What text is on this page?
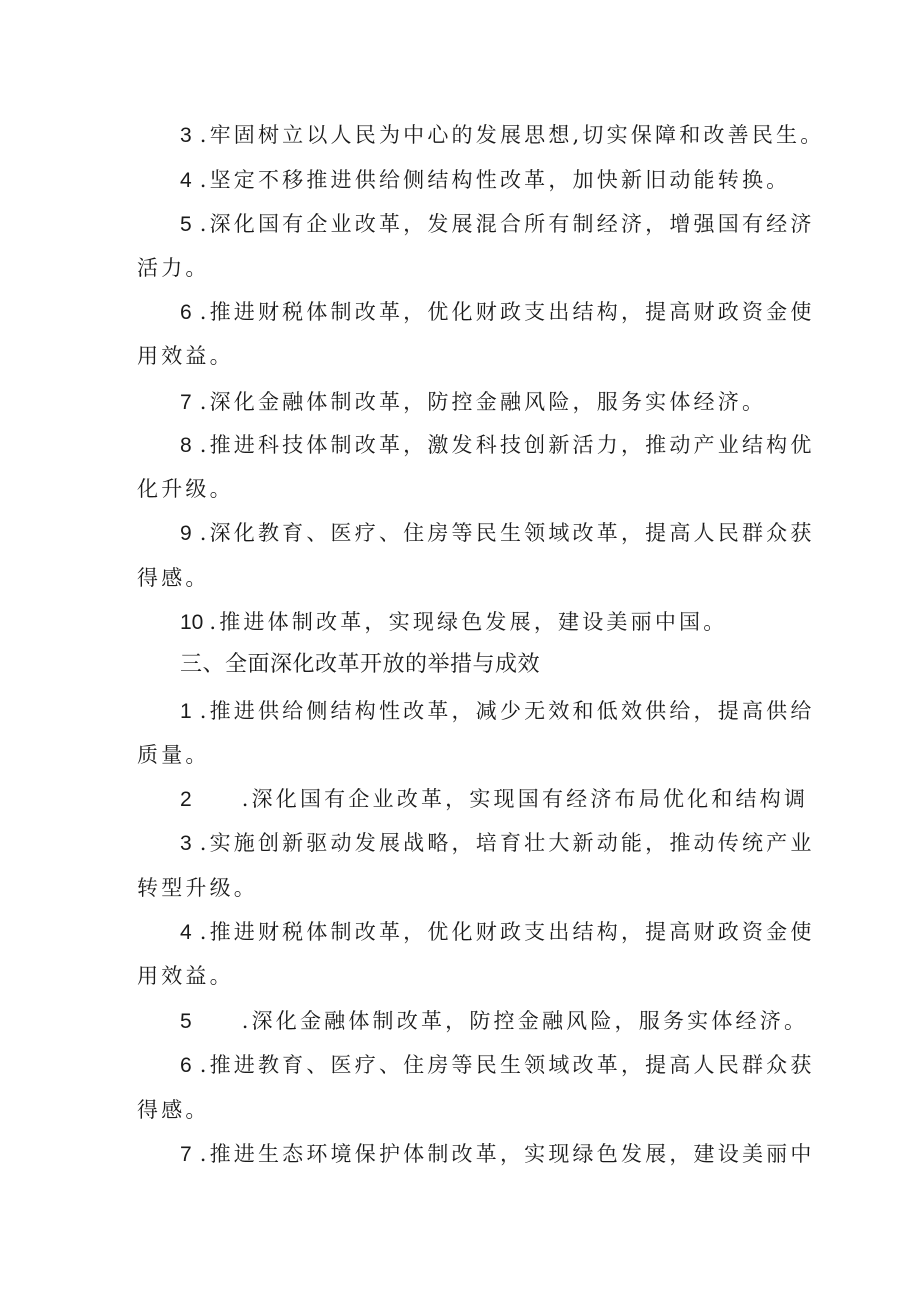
3 .牢固树立以人民为中心的发展思想,切实保障和改善民生。
4 .坚定不移推进供给侧结构性改革，加快新旧动能转换。
5 .深化国有企业改革，发展混合所有制经济，增强国有经济
活力。
6 .推进财税体制改革，优化财政支出结构，提高财政资金使
用效益。
7 .深化金融体制改革，防控金融风险，服务实体经济。
8 .推进科技体制改革，激发科技创新活力，推动产业结构优
化升级。
9 .深化教育、医疗、住房等民生领域改革，提高人民群众获
得感。
10 .推进体制改革，实现绿色发展，建设美丽中国。
三、全面深化改革开放的举措与成效
1 .推进供给侧结构性改革，减少无效和低效供给，提高供给
质量。
2 .深化国有企业改革，实现国有经济布局优化和结构调
3 .实施创新驱动发展战略，培育壮大新动能，推动传统产业
转型升级。
4 .推进财税体制改革，优化财政支出结构，提高财政资金使
用效益。
5 .深化金融体制改革，防控金融风险，服务实体经济。
6 .推进教育、医疗、住房等民生领域改革，提高人民群众获
得感。
7 .推进生态环境保护体制改革，实现绿色发展，建设美丽中
